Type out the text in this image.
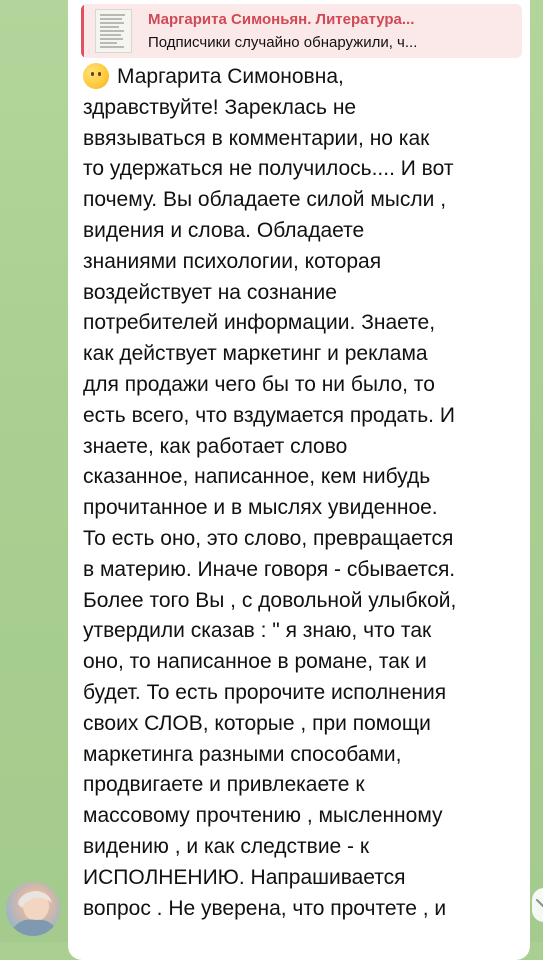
Маргарита Симоньян. Литература...
Подписчики случайно обнаружили, ч...

Маргарита Симоновна,
здравствуйте! Зареклась не
ввязываться в комментарии, но как
то удержаться не получилось.... И вот
почему. Вы обладаете силой мысли ,
видения и слова. Обладаете
знаниями психологии, которая
воздействует на сознание
потребителей информации. Знаете,
как действует маркетинг и реклама
для продажи чего бы то ни было, то
есть всего, что вздумается продать. И
знаете, как работает слово
сказанное, написанное, кем нибудь
прочитанное и в мыслях увиденное.
То есть оно, это слово, превращается
в материю. Иначе говоря - сбывается.
Более того Вы , с довольной улыбкой,
утвердили сказав : " я знаю, что так
оно, то написанное в романе, так и
будет. То есть пророчите исполнения
своих СЛОВ, которые , при помощи
маркетинга разными способами,
продвигаете и привлекаете к
массовому прочтению , мысленному
видению , и как следствие - к
ИСПОЛНЕНИЮ. Напрашивается
вопрос . Не уверена, что прочтете , и
